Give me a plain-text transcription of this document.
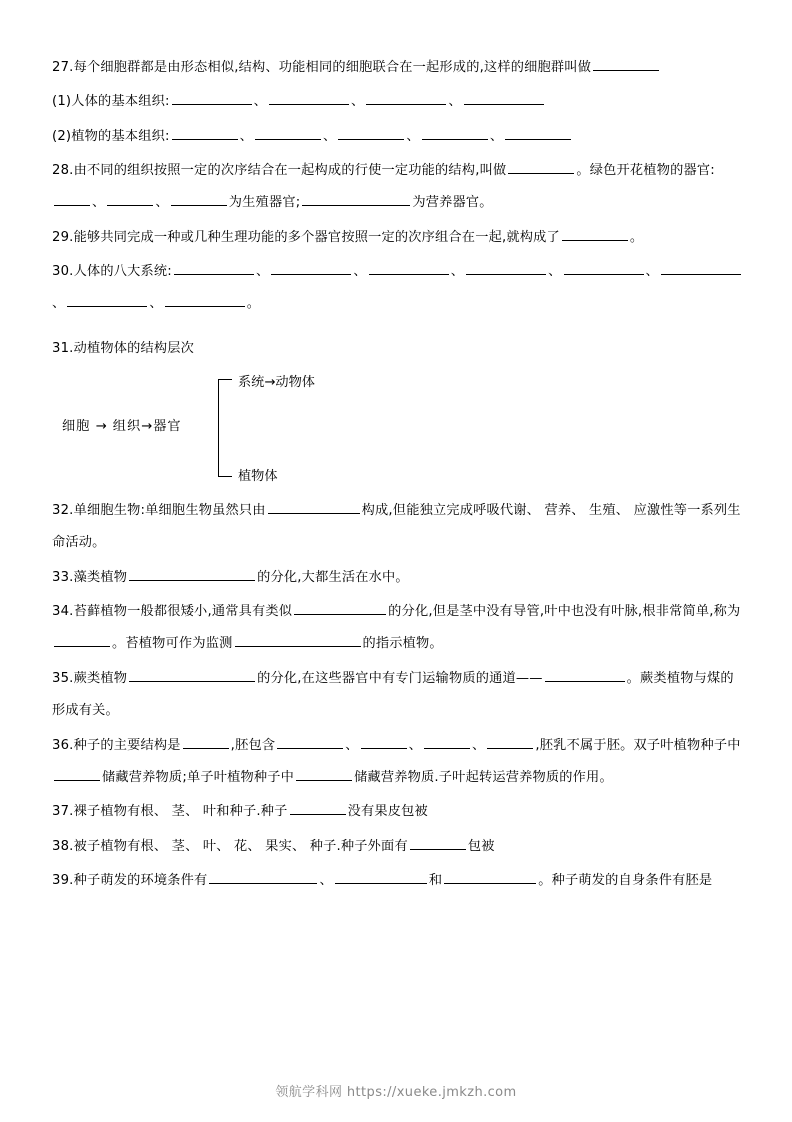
27.每个细胞群都是由形态相似,结构、功能相同的细胞联合在一起形成的,这样的细胞群叫做

(1)人体的基本组织:	、	、	、

(2)植物的基本组织:	、	、	、	、

28.由不同的组织按照一定的次序结合在一起构成的行使一定功能的结构,叫做	。绿色开花植物的器官:、	、	为生殖器官;	为营养器官。

29.能够共同完成一种或几种生理功能的多个器官按照一定的次序组合在一起,就构成了	。

30.人体的八大系统:	、	、	、	、	、、	、	。

31.动植物体的结构层次

细胞 → 组织→器官
系统→动物体
植物体

32.单细胞生物:单细胞生物虽然只由	构成,但能独立完成呼吸代谢、 营养、 生殖、 应激性等一系列生命活动。

33.藻类植物	的分化,大都生活在水中。

34.苔藓植物一般都很矮小,通常具有类似	的分化,但是茎中没有导管,叶中也没有叶脉,根非常简单,称为。苔植物可作为监测	的指示植物。

35.蕨类植物	的分化,在这些器官中有专门运输物质的通道——	。蕨类植物与煤的形成有关。

36.种子的主要结构是	,胚包含	、	、	、	,胚乳不属于胚。双子叶植物种子中储藏营养物质;单子叶植物种子中	储藏营养物质.子叶起转运营养物质的作用。

37.裸子植物有根、 茎、 叶和种子.种子	没有果皮包被

38.被子植物有根、 茎、 叶、 花、 果实、 种子.种子外面有	包被

39.种子萌发的环境条件有	、	和	。种子萌发的自身条件有胚是

领航学科网 https://xueke.jmkzh.com
